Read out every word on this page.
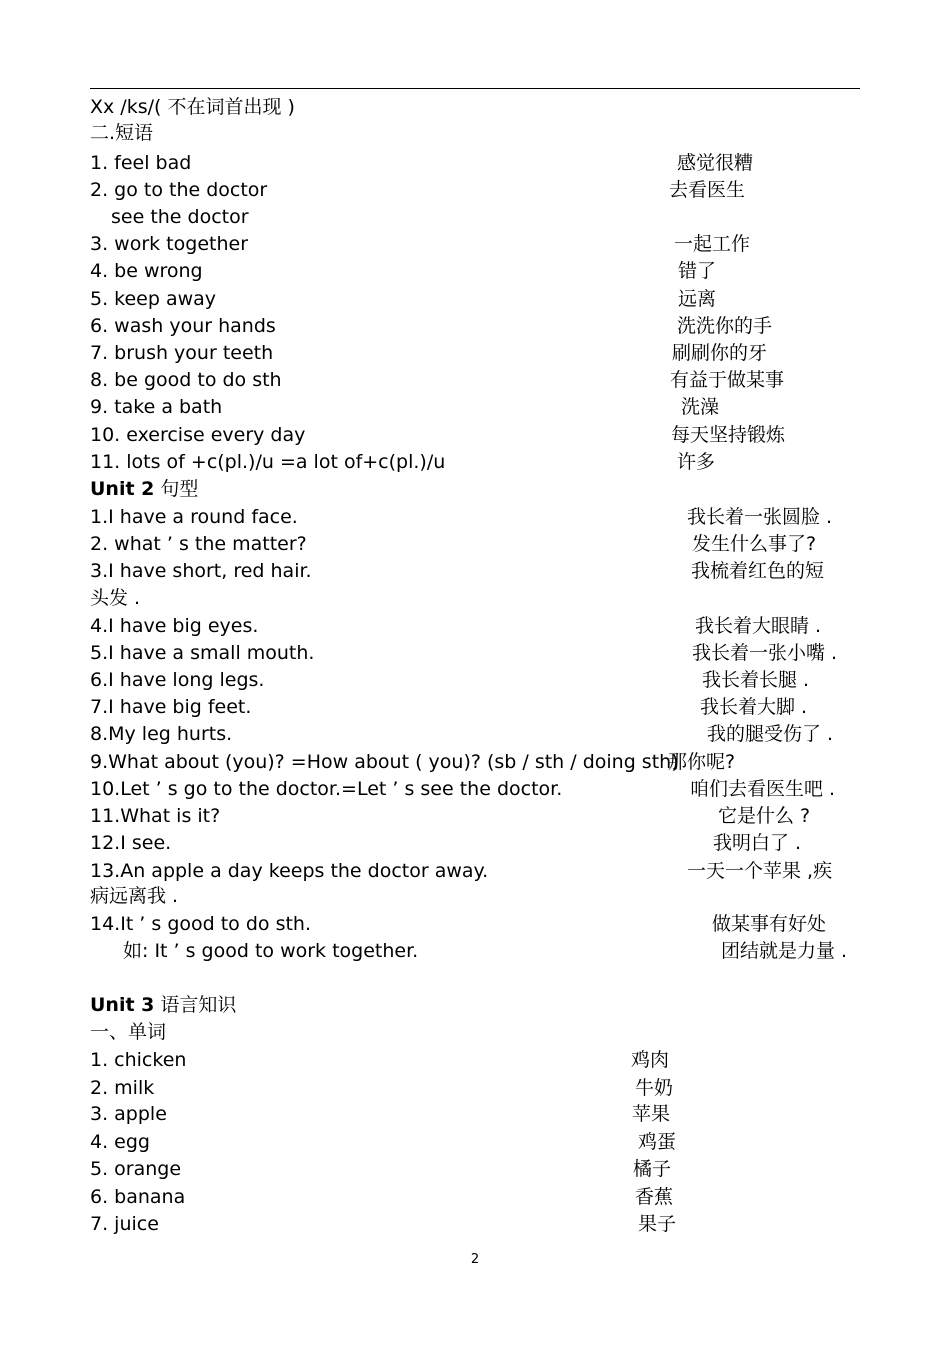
Xx /ks/( 不在词首出现 )
二.短语
1. feel bad	感觉很糟
2. go to the doctor	去看医生
see the doctor
3. work together	一起工作
4. be wrong	错了
5. keep away	远离
6. wash your hands	洗洗你的手
7. brush your teeth	刷刷你的牙
8. be good to do sth	有益于做某事
9. take a bath	洗澡
10. exercise every day	每天坚持锻炼
11. lots of +c(pl.)/u =a lot of+c(pl.)/u	许多
Unit 2 句型
1.I have a round face.	我长着一张圆脸 .
2. what ’ s the matter?	发生什么事了?
3.I have short, red hair.	我梳着红色的短
头发 .
4.I have big eyes.	我长着大眼睛 .
5.I have a small mouth.	我长着一张小嘴 .
6.I have long legs.	我长着长腿 .
7.I have big feet.	我长着大脚 .
8.My leg hurts.	我的腿受伤了 .
9.What about (you)? =How about ( you)? (sb / sth / doing sth)
那你呢?
10.Let ’ s go to the doctor.=Let ’ s see the doctor.	咱们去看医生吧 .
11.What is it?	它是什么 ?
12.I see.	我明白了 .
13.An apple a day keeps the doctor away.	一天一个苹果 ,疾
病远离我 .
14.It ’ s good to do sth.	做某事有好处
如: It ’ s good to work together.	团结就是力量 .
Unit 3 语言知识
一、单词
1. chicken	鸡肉
2. milk	牛奶
3. apple	苹果
4. egg	鸡蛋
5. orange	橘子
6. banana	香蕉
7. juice	果子
2
